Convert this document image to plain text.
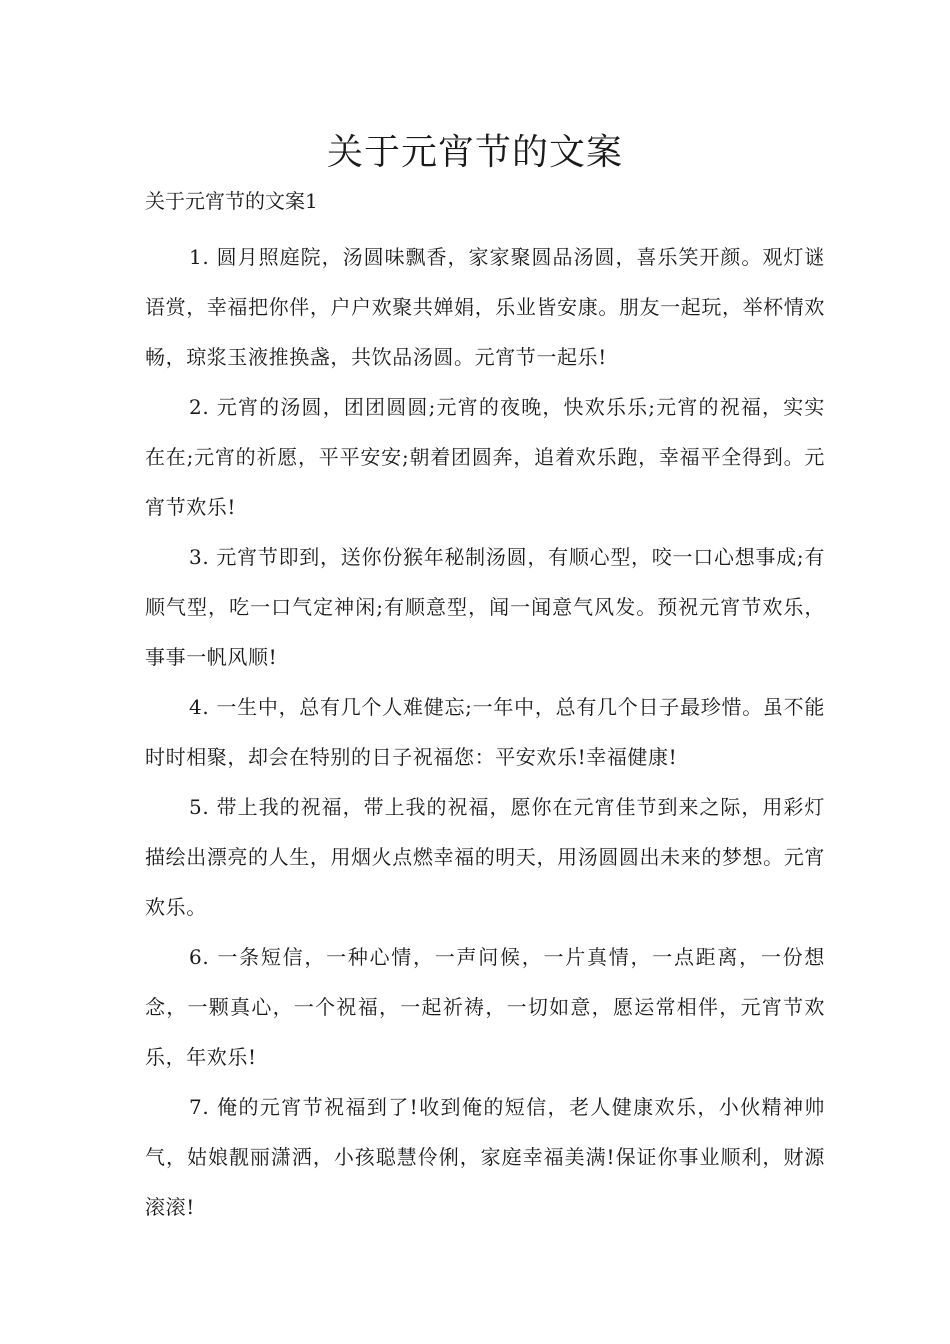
关于元宵节的文案

关于元宵节的文案1

1. 圆月照庭院，汤圆味飘香，家家聚圆品汤圆，喜乐笑开颜。观灯谜语赏，幸福把你伴，户户欢聚共婵娟，乐业皆安康。朋友一起玩，举杯情欢畅，琼浆玉液推换盏，共饮品汤圆。元宵节一起乐!

2. 元宵的汤圆，团团圆圆;元宵的夜晚，快欢乐乐;元宵的祝福，实实在在;元宵的祈愿，平平安安;朝着团圆奔，追着欢乐跑，幸福平全得到。元宵节欢乐!

3. 元宵节即到，送你份猴年秘制汤圆，有顺心型，咬一口心想事成;有顺气型，吃一口气定神闲;有顺意型，闻一闻意气风发。预祝元宵节欢乐，事事一帆风顺!

4. 一生中，总有几个人难健忘;一年中，总有几个日子最珍惜。虽不能时时相聚，却会在特别的日子祝福您：平安欢乐!幸福健康!

5. 带上我的祝福，带上我的祝福，愿你在元宵佳节到来之际，用彩灯描绘出漂亮的人生，用烟火点燃幸福的明天，用汤圆圆出未来的梦想。元宵欢乐。

6. 一条短信，一种心情，一声问候，一片真情，一点距离，一份想念，一颗真心，一个祝福，一起祈祷，一切如意，愿运常相伴，元宵节欢乐，年欢乐!

7. 俺的元宵节祝福到了!收到俺的短信，老人健康欢乐，小伙精神帅气，姑娘靓丽潇洒，小孩聪慧伶俐，家庭幸福美满!保证你事业顺利，财源滚滚!
